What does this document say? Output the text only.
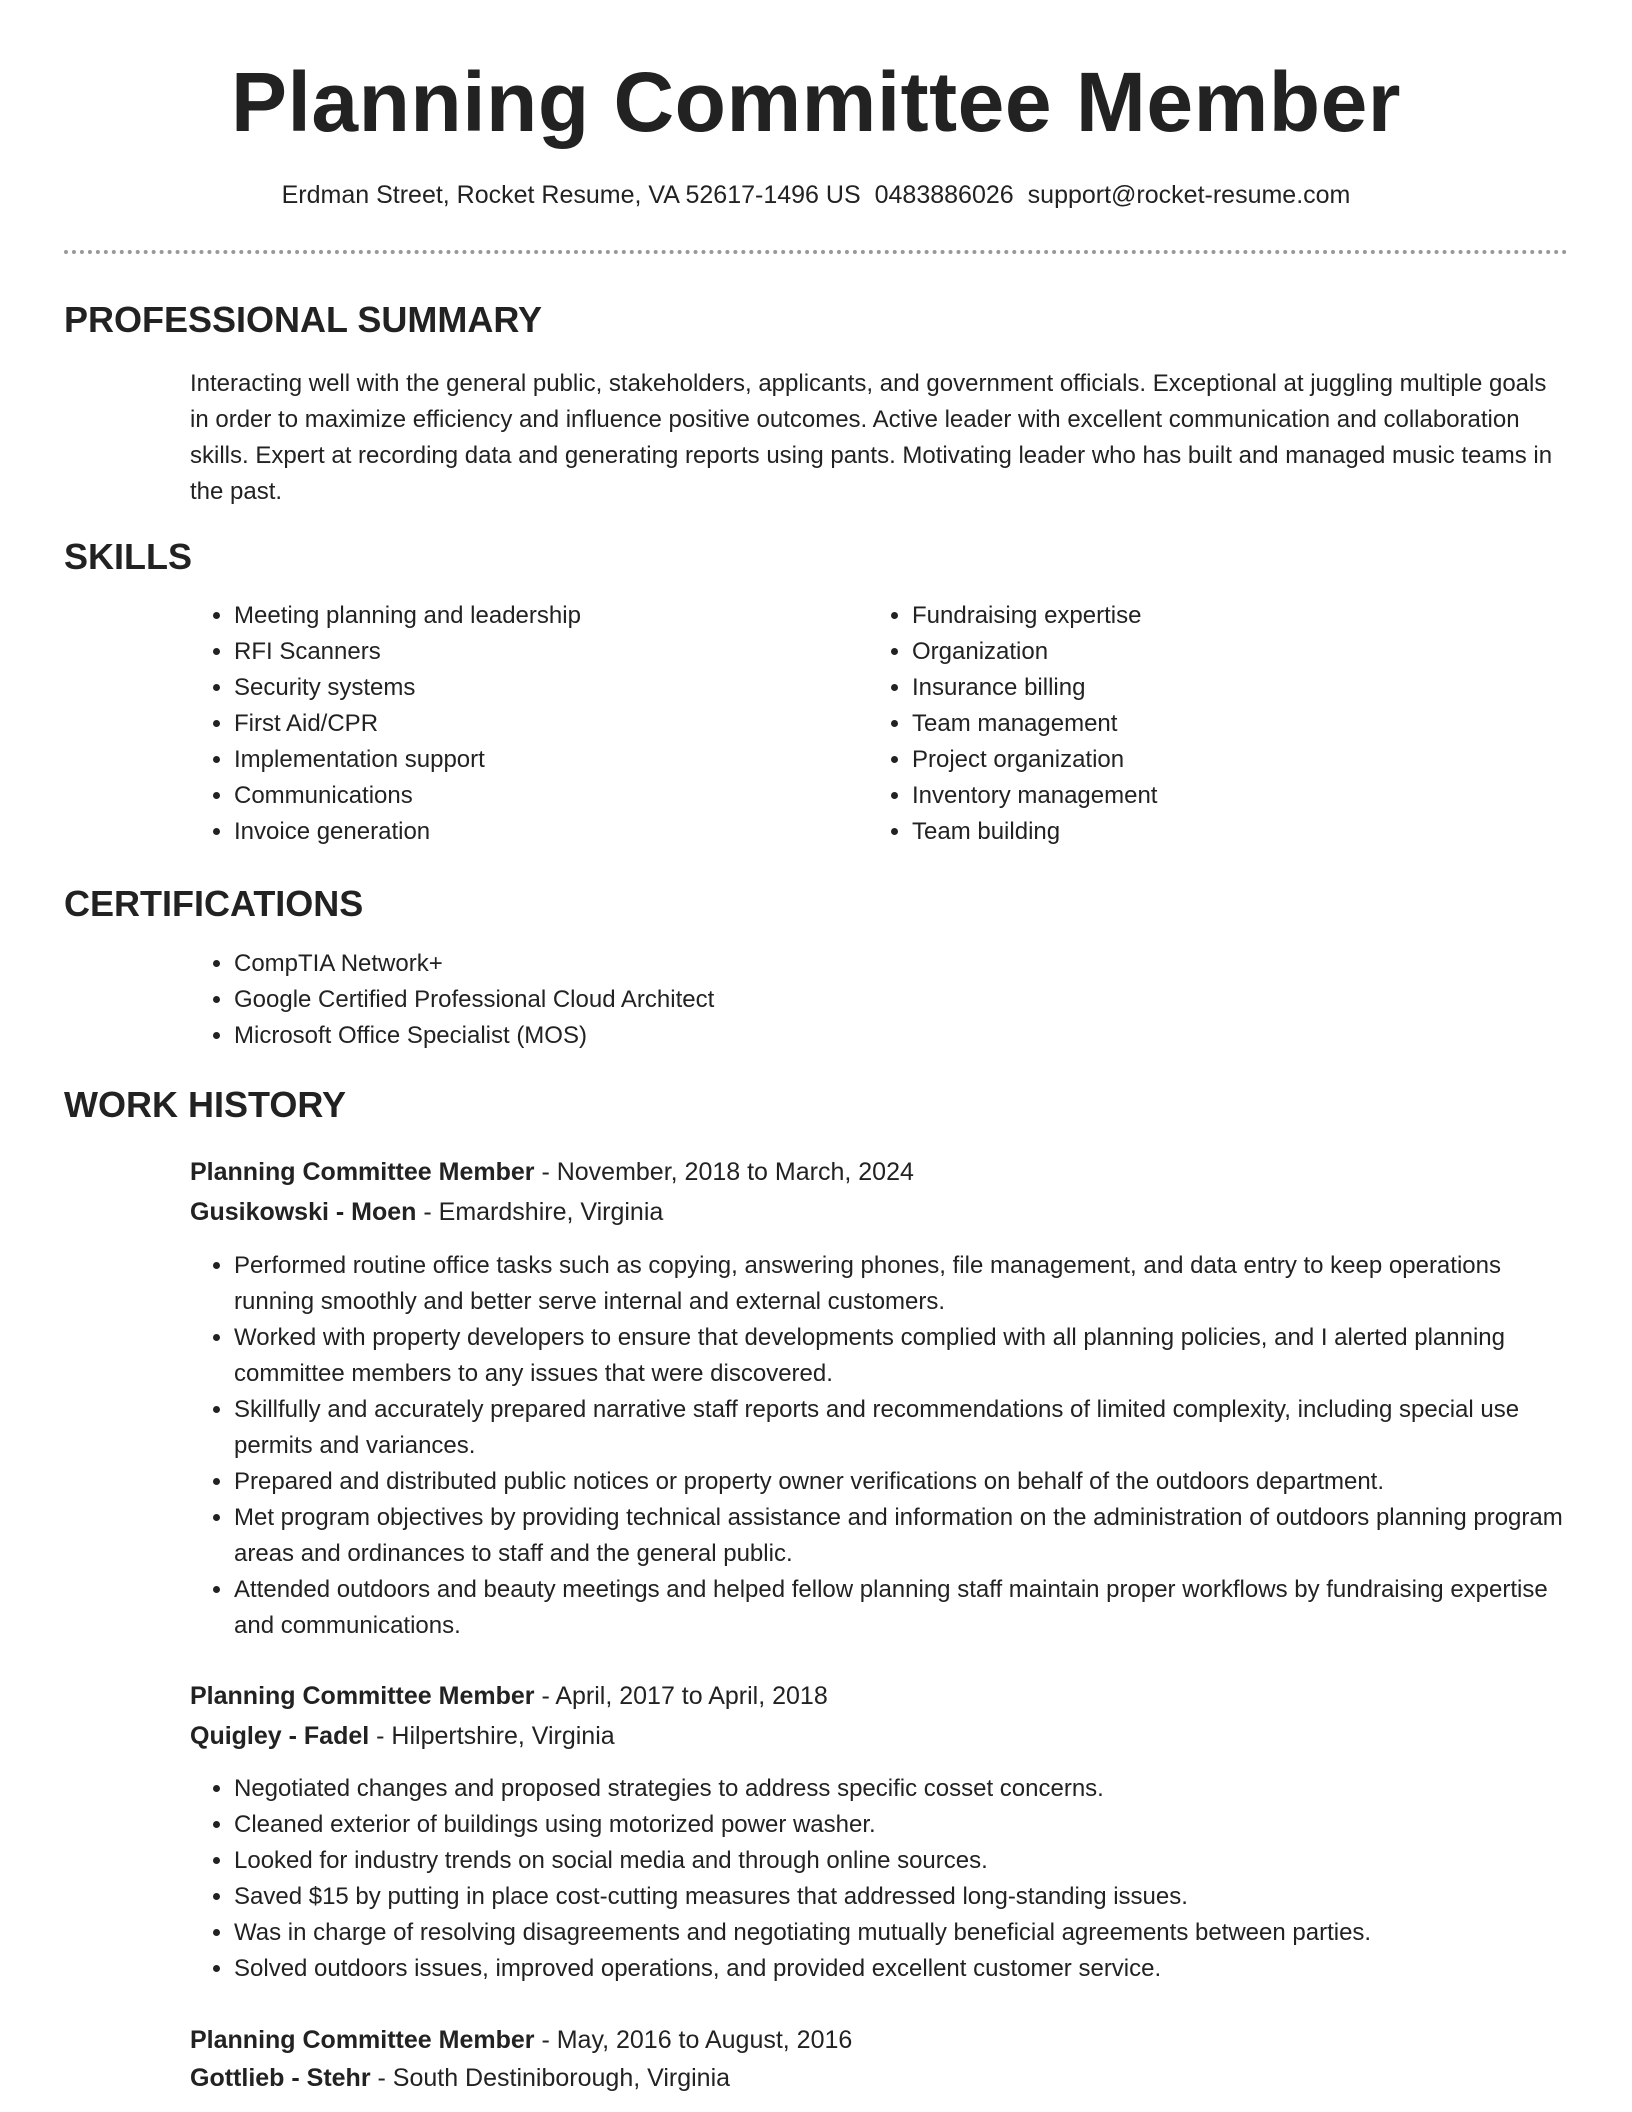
Planning Committee Member
Erdman Street, Rocket Resume, VA 52617-1496 US 0483886026 support@rocket-resume.com
PROFESSIONAL SUMMARY

Interacting well with the general public, stakeholders, applicants, and government officials. Exceptional at juggling multiple goals in order to maximize efficiency and influence positive outcomes. Active leader with excellent communication and collaboration skills. Expert at recording data and generating reports using pants. Motivating leader who has built and managed music teams in the past.

SKILLS
• Meeting planning and leadership
• RFI Scanners
• Security systems
• First Aid/CPR
• Implementation support
• Communications
• Invoice generation
• Fundraising expertise
• Organization
• Insurance billing
• Team management
• Project organization
• Inventory management
• Team building
CERTIFICATIONS
• CompTIA Network+
• Google Certified Professional Cloud Architect
• Microsoft Office Specialist (MOS)
WORK HISTORY

Planning Committee Member - November, 2018 to March, 2024

Gusikowski - Moen - Emardshire, Virginia

• Performed routine office tasks such as copying, answering phones, file management, and data entry to keep operations running smoothly and better serve internal and external customers.
• Worked with property developers to ensure that developments complied with all planning policies, and I alerted planning committee members to any issues that were discovered.
• Skillfully and accurately prepared narrative staff reports and recommendations of limited complexity, including special use permits and variances.
• Prepared and distributed public notices or property owner verifications on behalf of the outdoors department.
• Met program objectives by providing technical assistance and information on the administration of outdoors planning program areas and ordinances to staff and the general public.
• Attended outdoors and beauty meetings and helped fellow planning staff maintain proper workflows by fundraising expertise and communications.

Planning Committee Member - April, 2017 to April, 2018

Quigley - Fadel - Hilpertshire, Virginia

• Negotiated changes and proposed strategies to address specific cosset concerns.
• Cleaned exterior of buildings using motorized power washer.
• Looked for industry trends on social media and through online sources.
• Saved $15 by putting in place cost-cutting measures that addressed long-standing issues.
• Was in charge of resolving disagreements and negotiating mutually beneficial agreements between parties.
• Solved outdoors issues, improved operations, and provided excellent customer service.

Planning Committee Member - May, 2016 to August, 2016

Gottlieb - Stehr - South Destiniborough, Virginia
